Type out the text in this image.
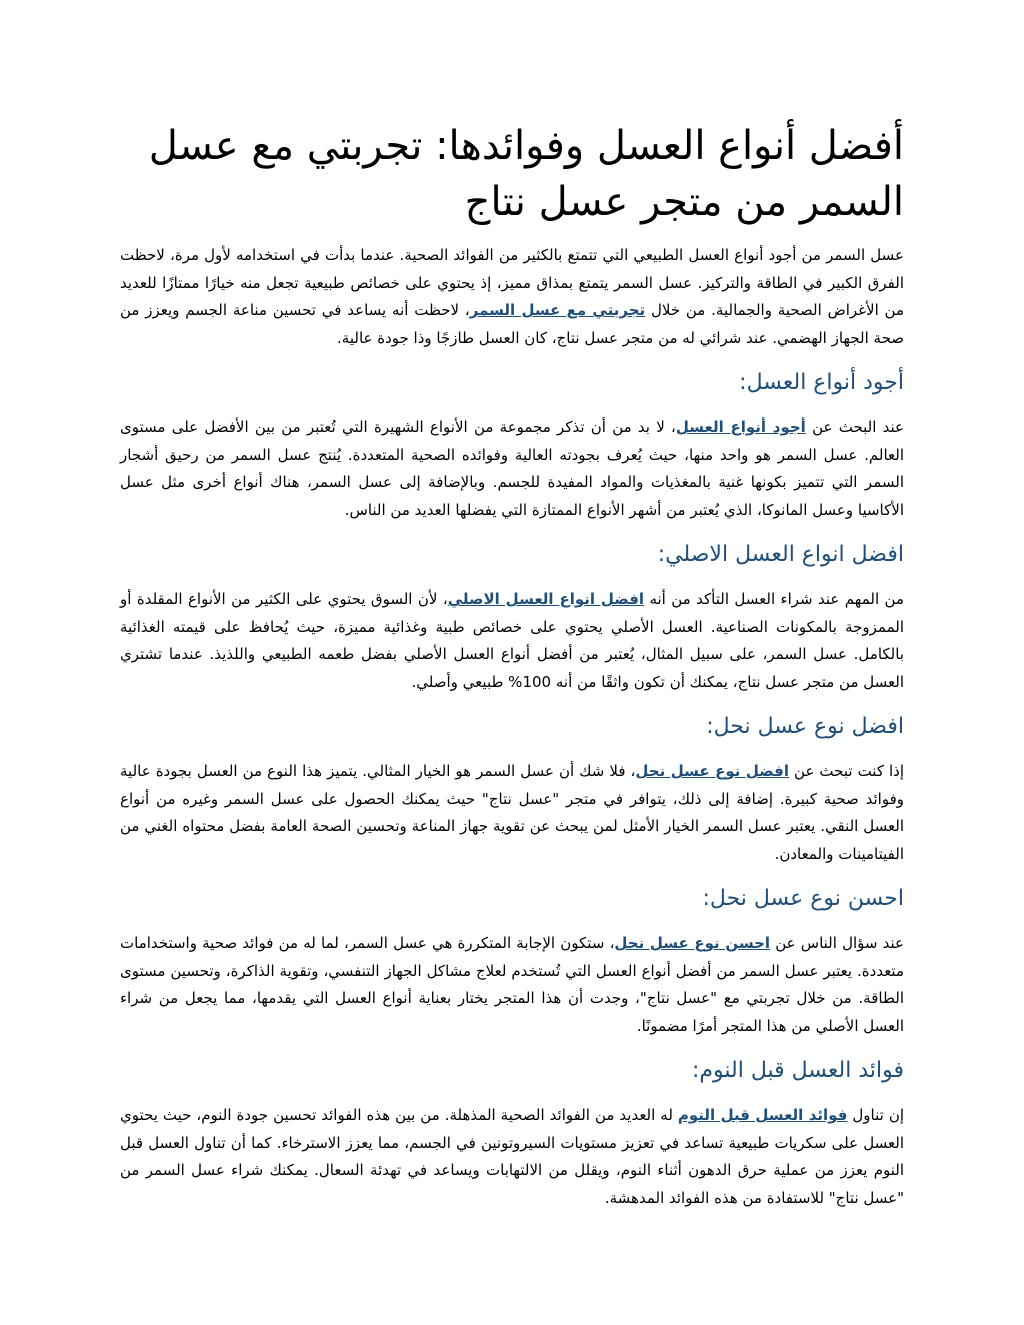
أفضل أنواع العسل وفوائدها: تجربتي مع عسل السمر من متجر عسل نتاج

عسل السمر من أجود أنواع العسل الطبيعي التي تتمتع بالكثير من الفوائد الصحية. عندما بدأت في استخدامه لأول مرة، لاحظت الفرق الكبير في الطاقة والتركيز. عسل السمر يتمتع بمذاق مميز، إذ يحتوي على خصائص طبيعية تجعل منه خيارًا ممتازًا للعديد من الأغراض الصحية والجمالية. من خلال تجربتي مع عسل السمر، لاحظت أنه يساعد في تحسين مناعة الجسم ويعزز من صحة الجهاز الهضمي. عند شرائي له من متجر عسل نتاج، كان العسل طازجًا وذا جودة عالية.

أجود أنواع العسل:

عند البحث عن أجود أنواع العسل، لا بد من أن تذكر مجموعة من الأنواع الشهيرة التي تُعتبر من بين الأفضل على مستوى العالم. عسل السمر هو واحد منها، حيث يُعرف بجودته العالية وفوائده الصحية المتعددة. يُنتج عسل السمر من رحيق أشجار السمر التي تتميز بكونها غنية بالمغذيات والمواد المفيدة للجسم. وبالإضافة إلى عسل السمر، هناك أنواع أخرى مثل عسل الأكاسيا وعسل المانوكا، الذي يُعتبر من أشهر الأنواع الممتازة التي يفضلها العديد من الناس.

افضل انواع العسل الاصلي:

من المهم عند شراء العسل التأكد من أنه افضل انواع العسل الاصلي، لأن السوق يحتوي على الكثير من الأنواع المقلدة أو الممزوجة بالمكونات الصناعية. العسل الأصلي يحتوي على خصائص طبية وغذائية مميزة، حيث يُحافظ على قيمته الغذائية بالكامل. عسل السمر، على سبيل المثال، يُعتبر من أفضل أنواع العسل الأصلي بفضل طعمه الطبيعي واللذيذ. عندما تشتري العسل من متجر عسل نتاج، يمكنك أن تكون واثقًا من أنه 100% طبيعي وأصلي.

افضل نوع عسل نحل:

إذا كنت تبحث عن افضل نوع عسل نحل، فلا شك أن عسل السمر هو الخيار المثالي. يتميز هذا النوع من العسل بجودة عالية وفوائد صحية كبيرة. إضافة إلى ذلك، يتوافر في متجر "عسل نتاج" حيث يمكنك الحصول على عسل السمر وغيره من أنواع العسل النقي. يعتبر عسل السمر الخيار الأمثل لمن يبحث عن تقوية جهاز المناعة وتحسين الصحة العامة بفضل محتواه الغني من الفيتامينات والمعادن.

احسن نوع عسل نحل:

عند سؤال الناس عن احسن نوع عسل نحل، ستكون الإجابة المتكررة هي عسل السمر، لما له من فوائد صحية واستخدامات متعددة. يعتبر عسل السمر من أفضل أنواع العسل التي تُستخدم لعلاج مشاكل الجهاز التنفسي، وتقوية الذاكرة، وتحسين مستوى الطاقة. من خلال تجربتي مع "عسل نتاج"، وجدت أن هذا المتجر يختار بعناية أنواع العسل التي يقدمها، مما يجعل من شراء العسل الأصلي من هذا المتجر أمرًا مضمونًا.

فوائد العسل قبل النوم:

إن تناول فوائد العسل قبل النوم له العديد من الفوائد الصحية المذهلة. من بين هذه الفوائد تحسين جودة النوم، حيث يحتوي العسل على سكريات طبيعية تساعد في تعزيز مستويات السيروتونين في الجسم، مما يعزز الاسترخاء. كما أن تناول العسل قبل النوم يعزز من عملية حرق الدهون أثناء النوم، ويقلل من الالتهابات ويساعد في تهدئة السعال. يمكنك شراء عسل السمر من "عسل نتاج" للاستفادة من هذه الفوائد المدهشة.
